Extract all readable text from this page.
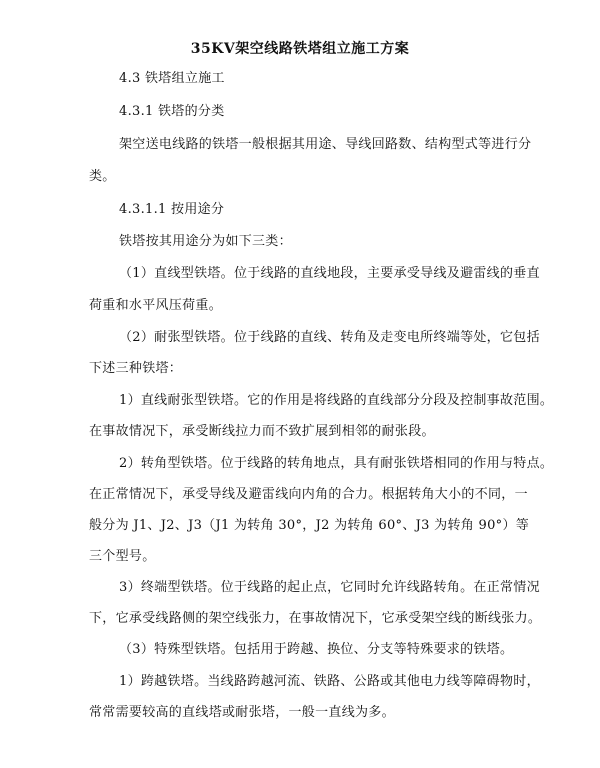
35KV架空线路铁塔组立施工方案
4.3 铁塔组立施工
4.3.1 铁塔的分类
架空送电线路的铁塔一般根据其用途、导线回路数、结构型式等进行分
类。
4.3.1.1 按用途分
铁塔按其用途分为如下三类：
（1）直线型铁塔。位于线路的直线地段，主要承受导线及避雷线的垂直
荷重和水平风压荷重。
（2）耐张型铁塔。位于线路的直线、转角及走变电所终端等处，它包括
下述三种铁塔：
1）直线耐张型铁塔。它的作用是将线路的直线部分分段及控制事故范围。
在事故情况下，承受断线拉力而不致扩展到相邻的耐张段。
2）转角型铁塔。位于线路的转角地点，具有耐张铁塔相同的作用与特点。
在正常情况下，承受导线及避雷线向内角的合力。根据转角大小的不同，一
般分为 J1、J2、J3（J1 为转角 30°，J2 为转角 60°、J3 为转角 90°）等
三个型号。
3）终端型铁塔。位于线路的起止点，它同时允许线路转角。在正常情况
下，它承受线路侧的架空线张力，在事故情况下，它承受架空线的断线张力。
（3）特殊型铁塔。包括用于跨越、换位、分支等特殊要求的铁塔。
1）跨越铁塔。当线路跨越河流、铁路、公路或其他电力线等障碍物时，
常常需要较高的直线塔或耐张塔，一般一直线为多。
